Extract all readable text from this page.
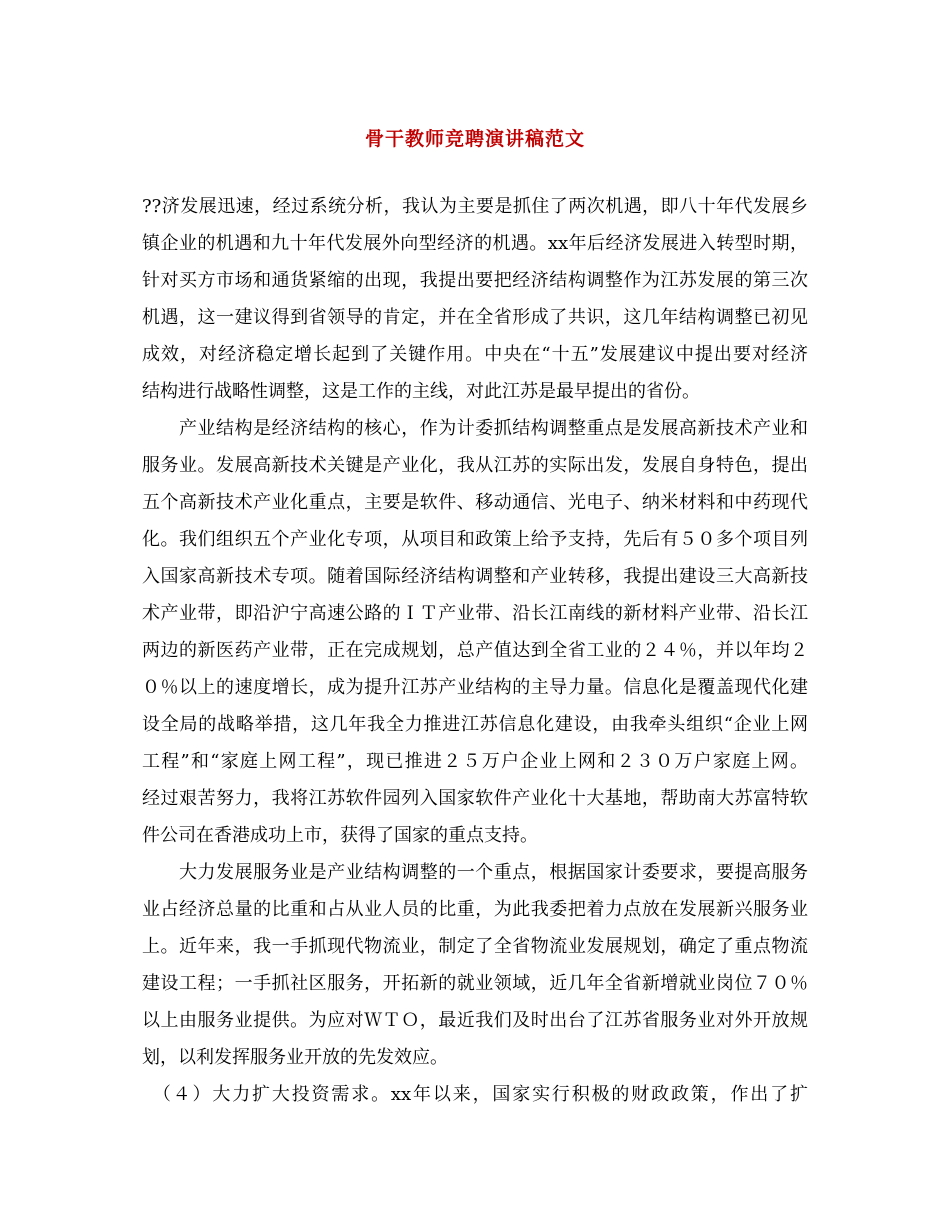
骨干教师竞聘演讲稿范文
??济发展迅速，经过系统分析，我认为主要是抓住了两次机遇，即八十年代发展乡
镇企业的机遇和九十年代发展外向型经济的机遇。xx年后经济发展进入转型时期，
针对买方市场和通货紧缩的出现，我提出要把经济结构调整作为江苏发展的第三次
机遇，这一建议得到省领导的肯定，并在全省形成了共识，这几年结构调整已初见
成效，对经济稳定增长起到了关键作用。中央在“十五”发展建议中提出要对经济
结构进行战略性调整，这是工作的主线，对此江苏是最早提出的省份。
　　产业结构是经济结构的核心，作为计委抓结构调整重点是发展高新技术产业和
服务业。发展高新技术关键是产业化，我从江苏的实际出发，发展自身特色，提出
五个高新技术产业化重点，主要是软件、移动通信、光电子、纳米材料和中药现代
化。我们组织五个产业化专项，从项目和政策上给予支持，先后有５０多个项目列
入国家高新技术专项。随着国际经济结构调整和产业转移，我提出建设三大高新技
术产业带，即沿沪宁高速公路的ＩＴ产业带、沿长江南线的新材料产业带、沿长江
两边的新医药产业带，正在完成规划，总产值达到全省工业的２４％，并以年均２
０％以上的速度增长，成为提升江苏产业结构的主导力量。信息化是覆盖现代化建
设全局的战略举措，这几年我全力推进江苏信息化建设，由我牵头组织“企业上网
工程”和“家庭上网工程”，现已推进２５万户企业上网和２３０万户家庭上网。
经过艰苦努力，我将江苏软件园列入国家软件产业化十大基地，帮助南大苏富特软
件公司在香港成功上市，获得了国家的重点支持。
　　大力发展服务业是产业结构调整的一个重点，根据国家计委要求，要提高服务
业占经济总量的比重和占从业人员的比重，为此我委把着力点放在发展新兴服务业
上。近年来，我一手抓现代物流业，制定了全省物流业发展规划，确定了重点物流
建设工程；一手抓社区服务，开拓新的就业领域，近几年全省新增就业岗位７０％
以上由服务业提供。为应对ＷＴＯ，最近我们及时出台了江苏省服务业对外开放规
划，以利发挥服务业开放的先发效应。
　（４）大力扩大投资需求。xx年以来，国家实行积极的财政政策，作出了扩
